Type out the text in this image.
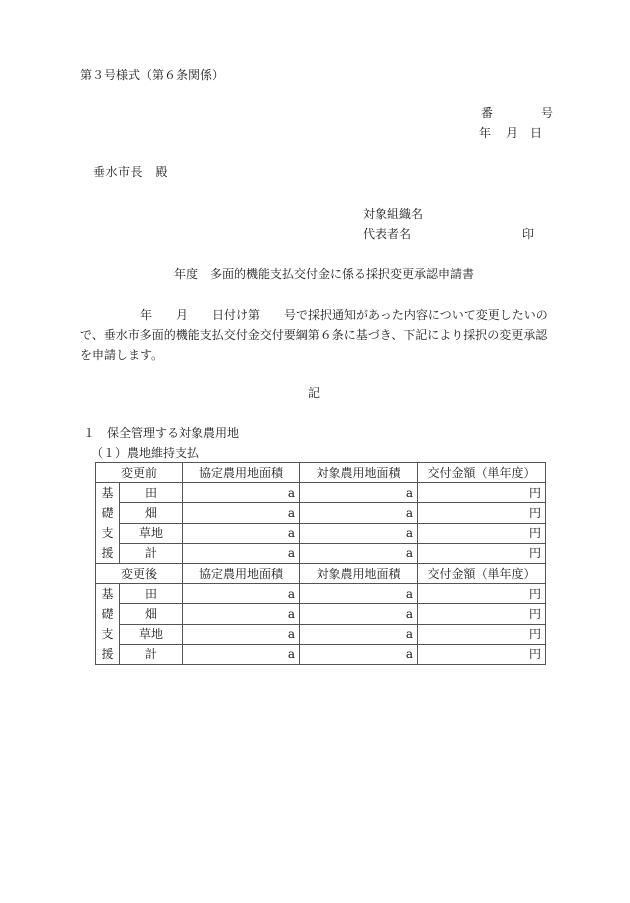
第３号様式（第６条関係）
番	号
年 月 日
垂水市長　殿
対象組織名
代表者名	印
年度　多面的機能支払交付金に係る採択変更承認申請書
年 月 日付け第 号で採択通知があった内容について変更したいので、垂水市多面的機能支払交付金交付要綱第６条に基づき、下記により採択の変更承認を申請します。
記
１　保全管理する対象農用地
（１）農地維持支払
変更前		協定農用地面積	対象農用地面積	交付金額（単年度）

基
礎
支
援	田	a	a	円
	畑	a	a	円
	草地	a	a	円
	計	a	a	円
変更後		協定農用地面積	対象農用地面積	交付金額（単年度）

基
礎
支
援	田	a	a	円
	畑	a	a	円
	草地	a	a	円
	計	a	a	円
